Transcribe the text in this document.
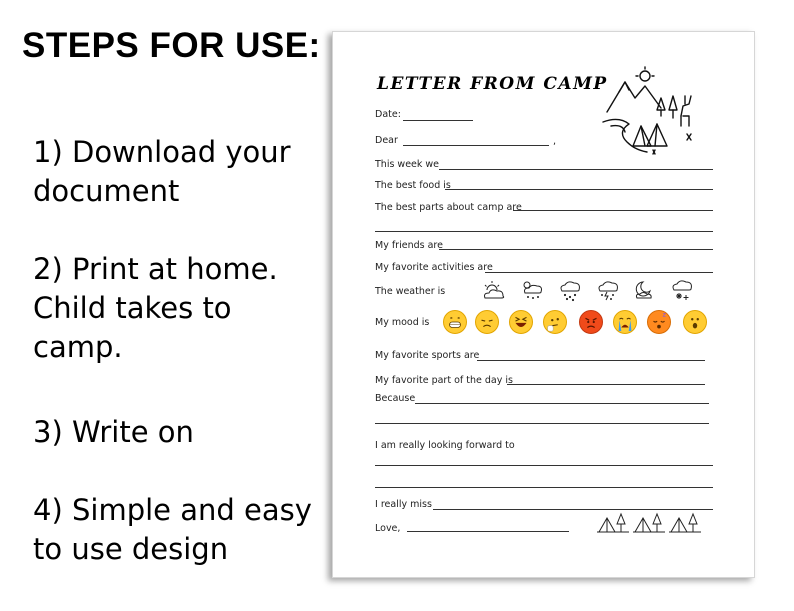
STEPS FOR USE:
1) Download your
document
2) Print at home.
Child takes to
camp.
3) Write on
4) Simple and easy
to use design
LETTER FROM CAMP
Date:
Dear	,
This week we
The best food is
The best parts about camp are
My friends are
My favorite activities are
The weather is
My mood is
z
My favorite sports are
My favorite part of the day is
Because
I am really looking forward to
I really miss
Love,
